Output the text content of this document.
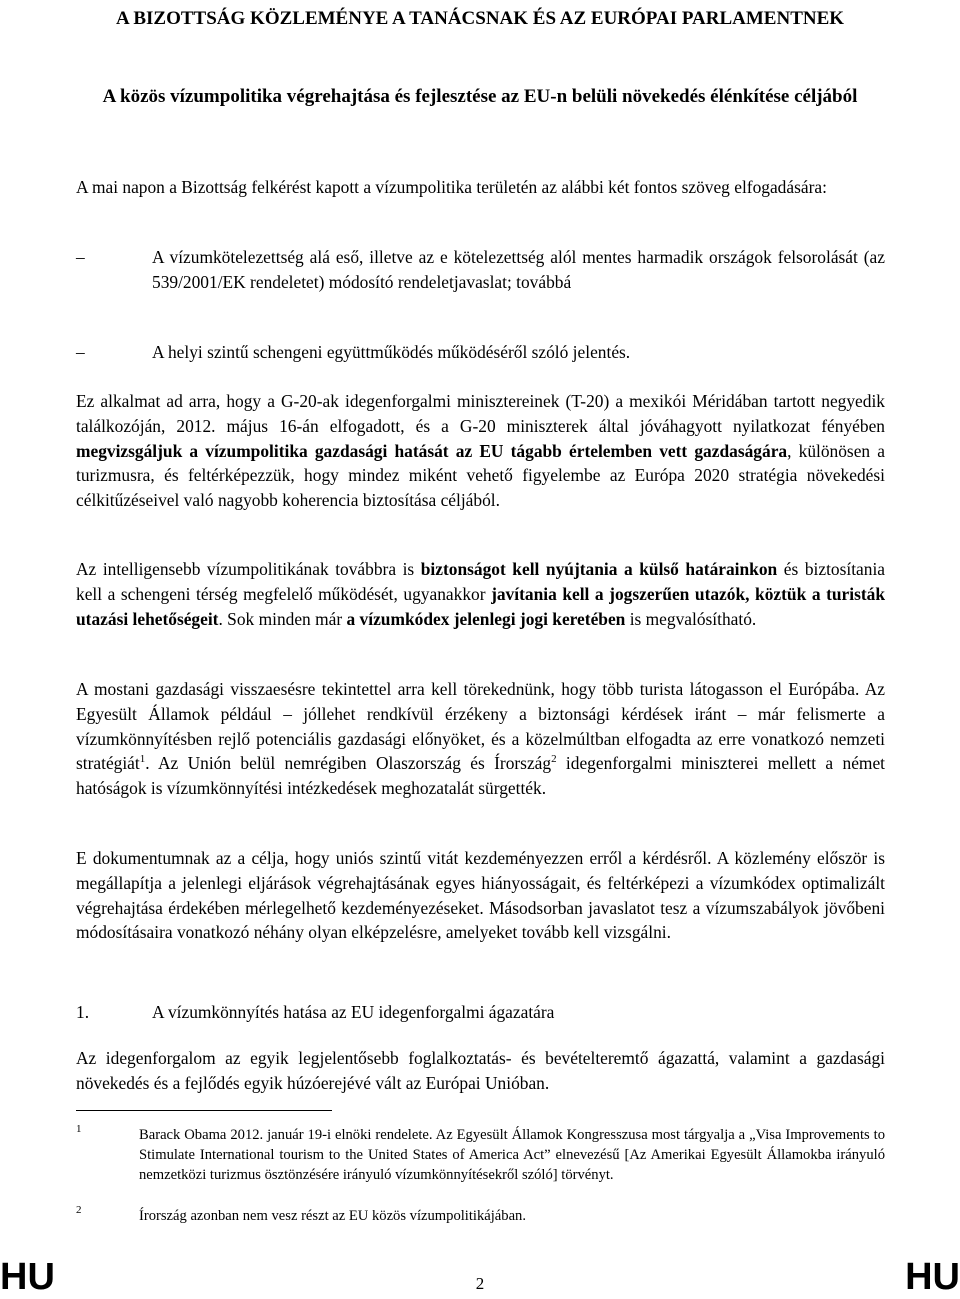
A BIZOTTSÁG KÖZLEMÉNYE A TANÁCSNAK ÉS AZ EURÓPAI PARLAMENTNEK
A közös vízumpolitika végrehajtása és fejlesztése az EU-n belüli növekedés élénkítése céljából
A mai napon a Bizottság felkérést kapott a vízumpolitika területén az alábbi két fontos szöveg elfogadására:
–	A vízumkötelezettség alá eső, illetve az e kötelezettség alól mentes harmadik országok felsorolását (az 539/2001/EK rendeletet) módosító rendeletjavaslat; továbbá
–	A helyi szintű schengeni együttműködés működéséről szóló jelentés.
Ez alkalmat ad arra, hogy a G-20-ak idegenforgalmi minisztereinek (T-20) a mexikói Méridában tartott negyedik találkozóján, 2012. május 16-án elfogadott, és a G-20 miniszterek által jóváhagyott nyilatkozat fényében megvizsgáljuk a vízumpolitika gazdasági hatását az EU tágabb értelemben vett gazdaságára, különösen a turizmusra, és feltérképezzük, hogy mindez miként vehető figyelembe az Európa 2020 stratégia növekedési célkitűzéseivel való nagyobb koherencia biztosítása céljából.
Az intelligensebb vízumpolitikának továbbra is biztonságot kell nyújtania a külső határainkon és biztosítania kell a schengeni térség megfelelő működését, ugyanakkor javítania kell a jogszerűen utazók, köztük a turisták utazási lehetőségeit. Sok minden már a vízumkódex jelenlegi jogi keretében is megvalósítható.
A mostani gazdasági visszaesésre tekintettel arra kell törekednünk, hogy több turista látogasson el Európába. Az Egyesült Államok például – jóllehet rendkívül érzékeny a biztonsági kérdések iránt – már felismerte a vízumkönnyítésben rejlő potenciális gazdasági előnyöket, és a közelmúltban elfogadta az erre vonatkozó nemzeti stratégiát$^1$. Az Unión belül nemrégiben Olaszország és Írország$^2$ idegenforgalmi miniszterei mellett a német hatóságok is vízumkönnyítési intézkedések meghozatalát sürgették.
E dokumentumnak az a célja, hogy uniós szintű vitát kezdeményezzen erről a kérdésről. A közlemény először is megállapítja a jelenlegi eljárások végrehajtásának egyes hiányosságait, és feltérképezi a vízumkódex optimalizált végrehajtása érdekében mérlegelhető kezdeményezéseket. Másodsorban javaslatot tesz a vízumszabályok jövőbeni módosításaira vonatkozó néhány olyan elképzelésre, amelyeket tovább kell vizsgálni.
1.	A vízumkönnyítés hatása az EU idegenforgalmi ágazatára
Az idegenforgalom az egyik legjelentősebb foglalkoztatás- és bevételteremtő ágazattá, valamint a gazdasági növekedés és a fejlődés egyik húzóerejévé vált az Európai Unióban.
1	Barack Obama 2012. január 19-i elnöki rendelete. Az Egyesült Államok Kongresszusa most tárgyalja a „Visa Improvements to Stimulate International tourism to the United States of America Act” elnevezésű [Az Amerikai Egyesült Államokba irányuló nemzetközi turizmus ösztönzésére irányuló vízumkönnyítésekről szóló] törvényt.
2	Írország azonban nem vesz részt az EU közös vízumpolitikájában.
HU	2	HU
